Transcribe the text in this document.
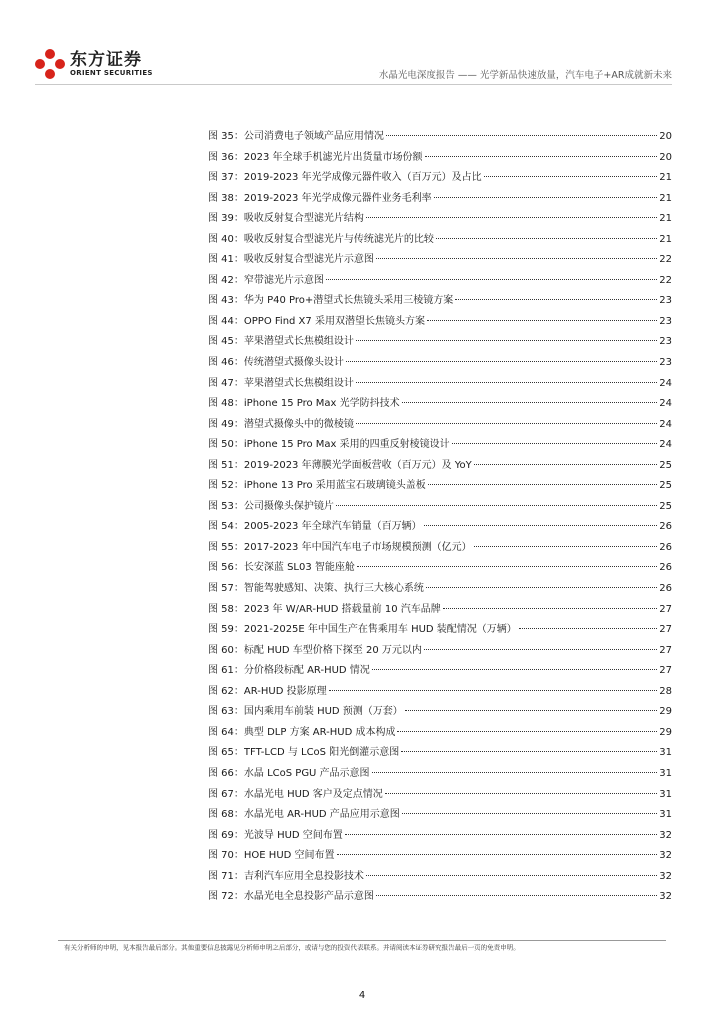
东方证券
ORIENT SECURITIES	水晶光电深度报告 —— 光学新品快速放量，汽车电子+AR成就新未来
图 35： 公司消费电子领域产品应用情况	20
图 36： 2023 年全球手机滤光片出货量市场份额	20
图 37： 2019-2023 年光学成像元器件收入（百万元）及占比	21
图 38： 2019-2023 年光学成像元器件业务毛利率	21
图 39： 吸收反射复合型滤光片结构	21
图 40： 吸收反射复合型滤光片与传统滤光片的比较	21
图 41： 吸收反射复合型滤光片示意图	22
图 42： 窄带滤光片示意图	22
图 43： 华为 P40 Pro+潜望式长焦镜头采用三棱镜方案	23
图 44： OPPO Find X7 采用双潜望长焦镜头方案	23
图 45： 苹果潜望式长焦模组设计	23
图 46： 传统潜望式摄像头设计	23
图 47： 苹果潜望式长焦模组设计	24
图 48： iPhone 15 Pro Max 光学防抖技术	24
图 49： 潜望式摄像头中的微棱镜	24
图 50： iPhone 15 Pro Max 采用的四重反射棱镜设计	24
图 51： 2019-2023 年薄膜光学面板营收（百万元）及 YoY	25
图 52： iPhone 13 Pro 采用蓝宝石玻璃镜头盖板	25
图 53： 公司摄像头保护镜片	25
图 54： 2005-2023 年全球汽车销量（百万辆）	26
图 55： 2017-2023 年中国汽车电子市场规模预测（亿元）	26
图 56： 长安深蓝 SL03 智能座舱	26
图 57： 智能驾驶感知、决策、执行三大核心系统	26
图 58： 2023 年 W/AR-HUD 搭载量前 10 汽车品牌	27
图 59： 2021-2025E 年中国生产在售乘用车 HUD 装配情况（万辆）	27
图 60： 标配 HUD 车型价格下探至 20 万元以内	27
图 61： 分价格段标配 AR-HUD 情况	27
图 62： AR-HUD 投影原理	28
图 63： 国内乘用车前装 HUD 预测（万套）	29
图 64： 典型 DLP 方案 AR-HUD 成本构成	29
图 65： TFT-LCD 与 LCoS 阳光倒灌示意图	31
图 66： 水晶 LCoS PGU 产品示意图	31
图 67： 水晶光电 HUD 客户及定点情况	31
图 68： 水晶光电 AR-HUD 产品应用示意图	31
图 69： 光波导 HUD 空间布置	32
图 70： HOE HUD 空间布置	32
图 71： 吉利汽车应用全息投影技术	32
图 72： 水晶光电全息投影产品示意图	32
有关分析师的申明，见本报告最后部分。其他重要信息披露见分析师申明之后部分，或请与您的投资代表联系。并请阅读本证券研究报告最后一页的免责申明。
4
